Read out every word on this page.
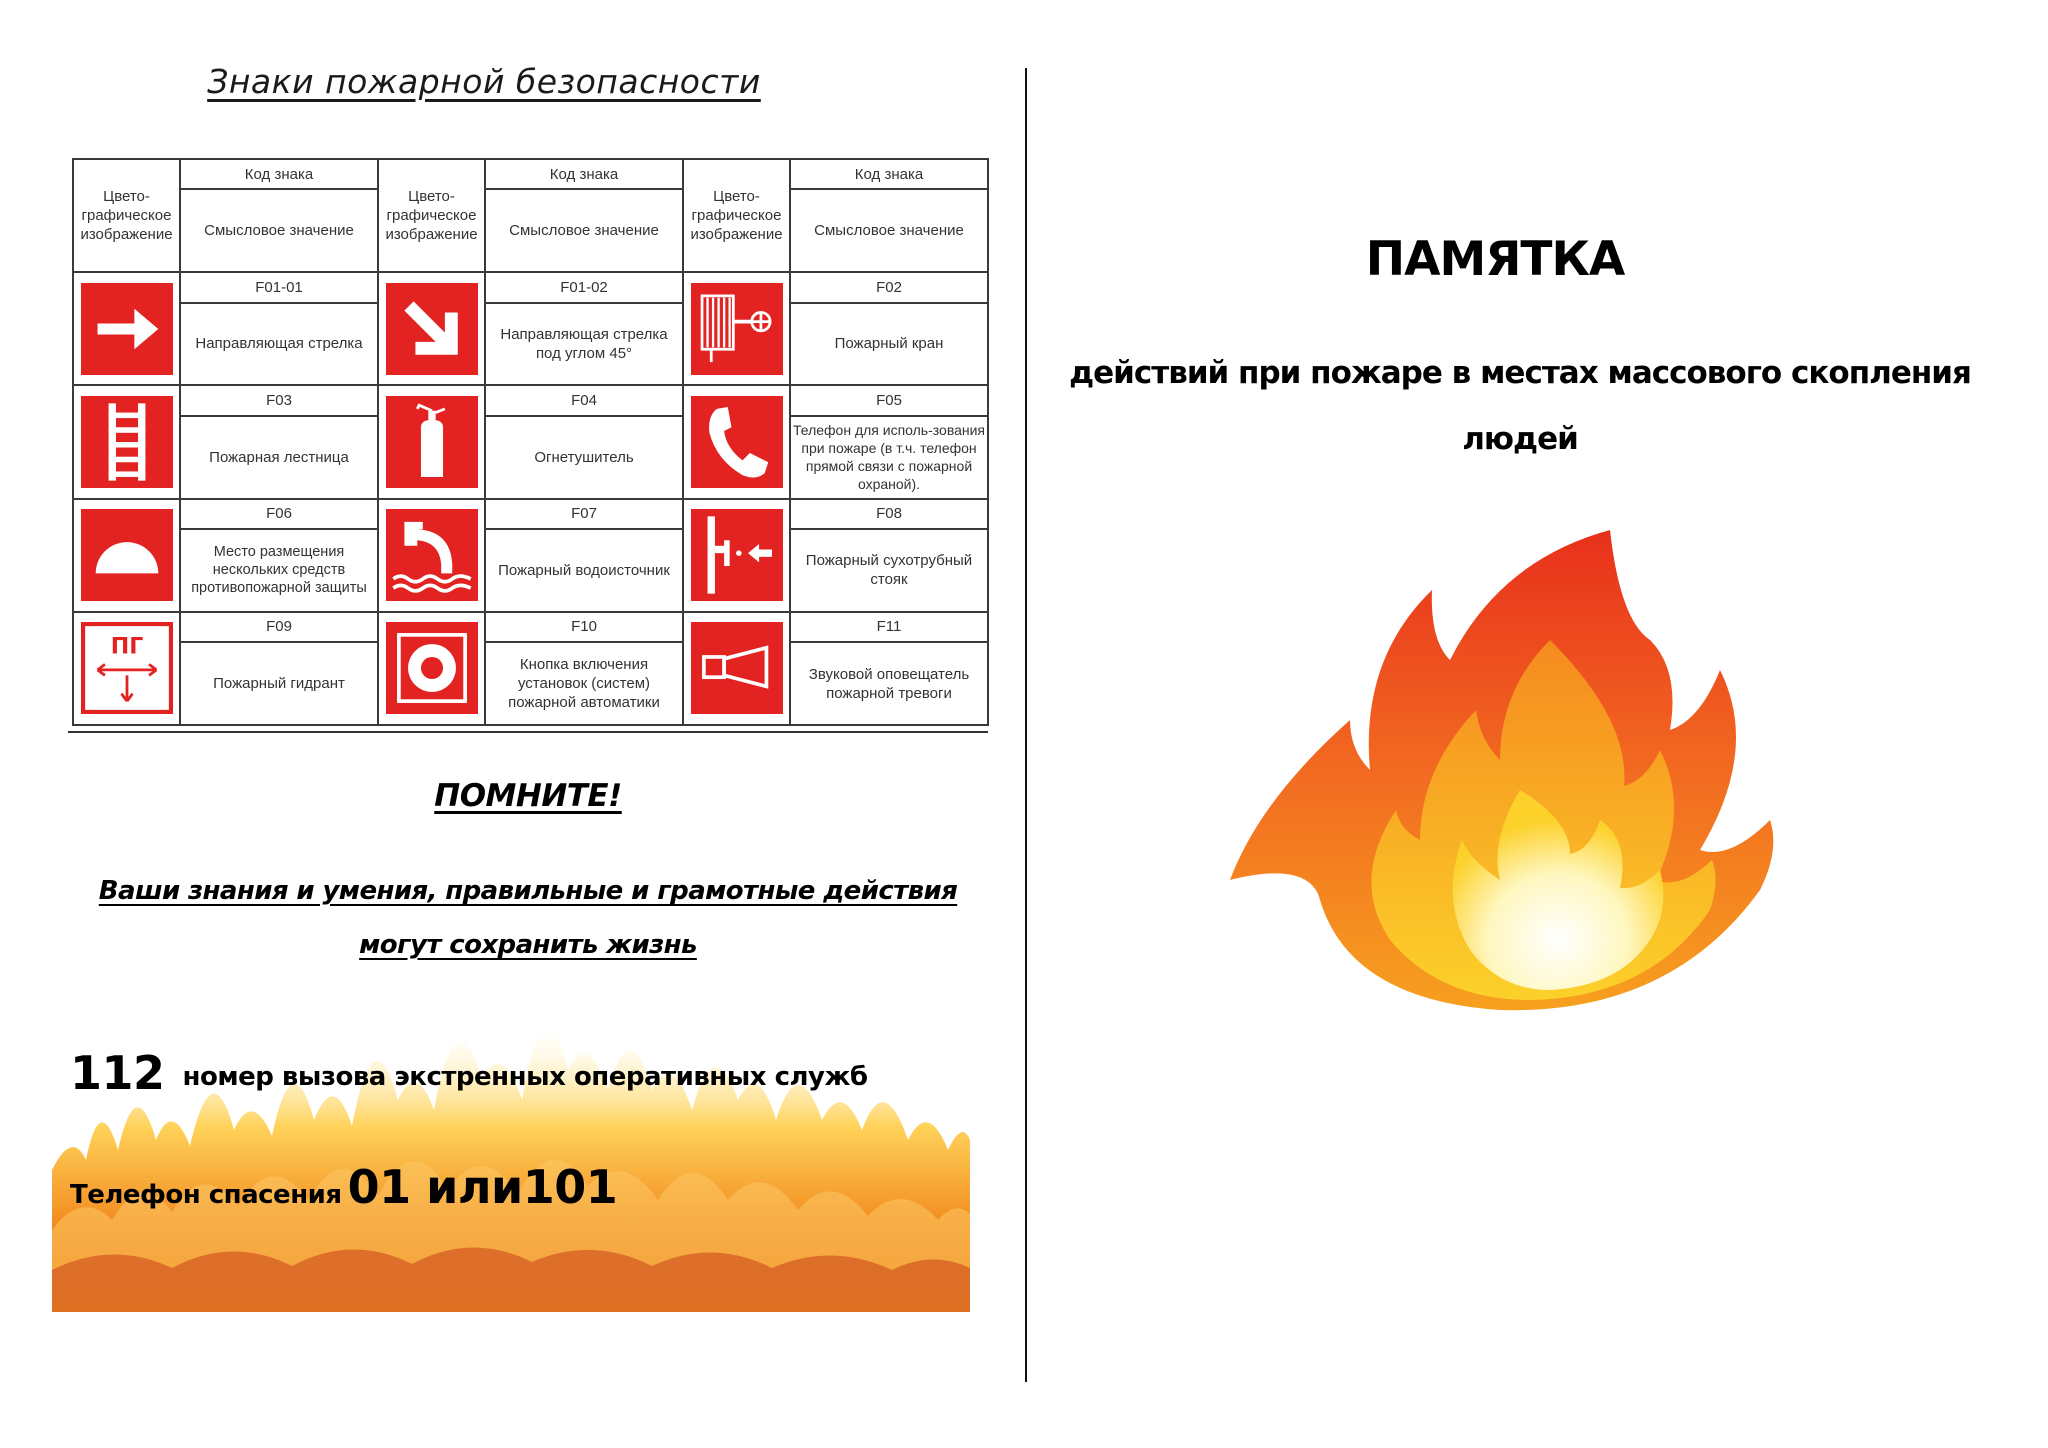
Знаки пожарной безопасности
Цвето-графическое изображение	Код знака	Цвето-графическое изображение	Код знака	Цвето-графическое изображение	Код знака
	Смысловое значение		Смысловое значение		Смысловое значение

	F01-01		F01-02		F02
	Направляющая стрелка		Направляющая стрелка под углом 45°		Пожарный кран

	F03		F04		F05
	Пожарная лестница		Огнетушитель		Телефон для исполь-зования при пожаре (в т.ч. телефон прямой связи с пожарной охраной).

	F06		F07		F08
	Место размещения нескольких средств противопожарной защиты		Пожарный водоисточник		Пожарный сухотрубный стояк

ПГ	F09		F10		F11
	Пожарный гидрант		Кнопка включения установок (систем) пожарной автоматики		Звуковой оповещатель пожарной тревоги
ПОМНИТЕ!
Ваши знания и умения, правильные и грамотные действия
могут сохранить жизнь
112 номер вызова экстренных оперативных служб
Телефон спасения 01 или101
ПАМЯТКА
действий при пожаре в местах массового скопления
людей
